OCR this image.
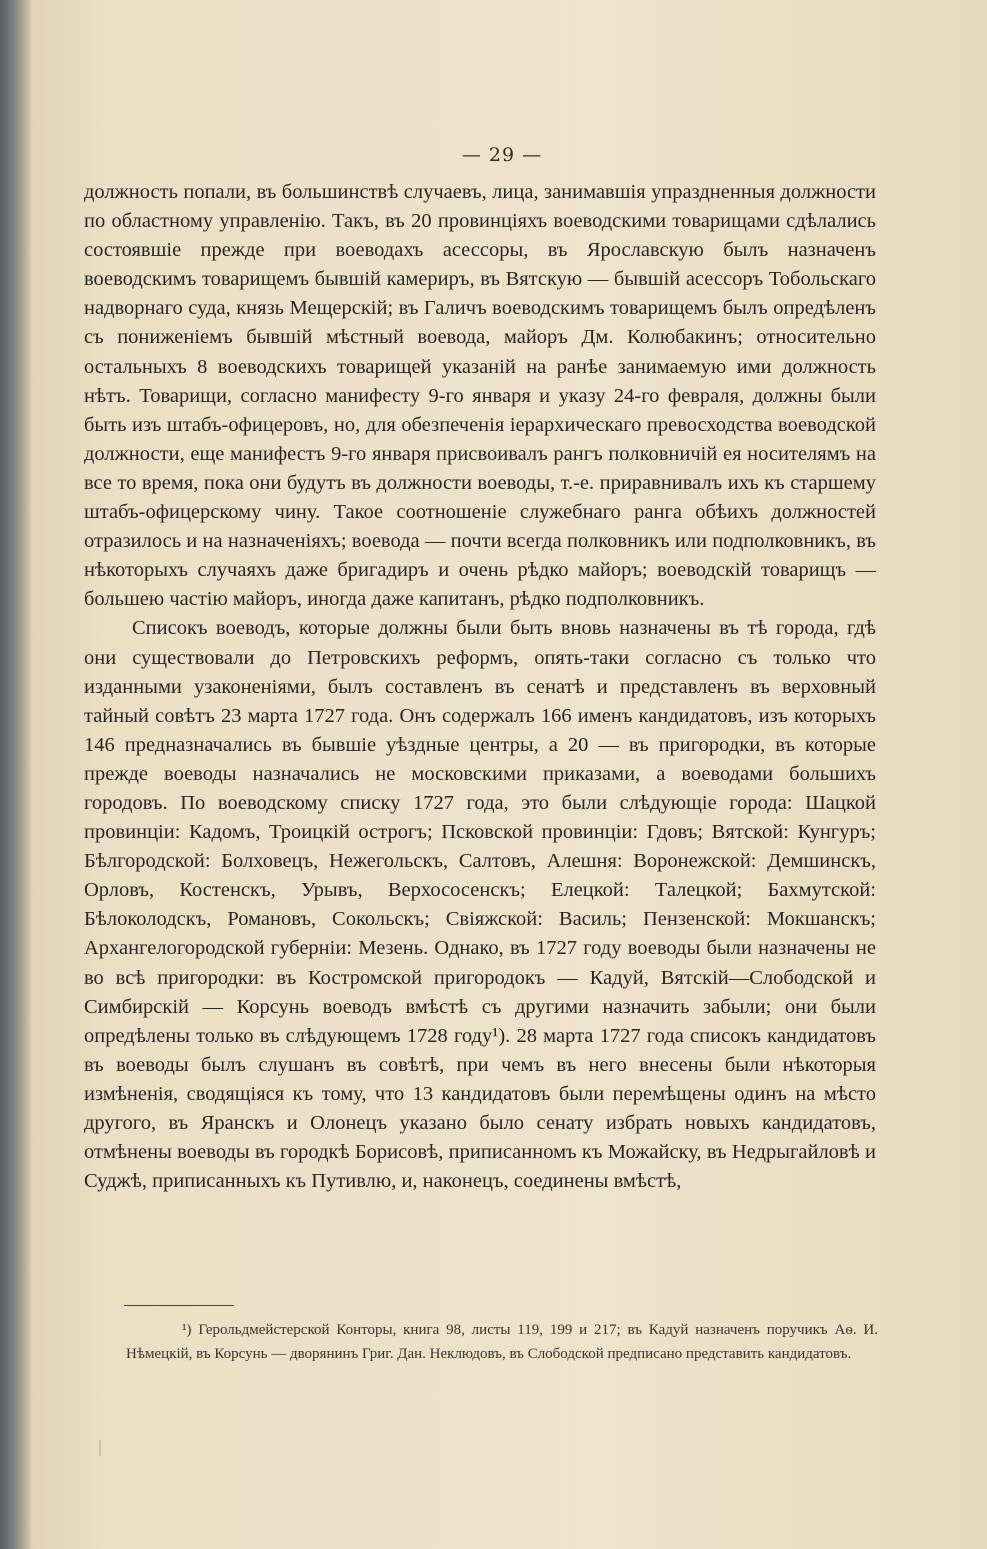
— 29 —

должность попали, въ большинствѣ случаевъ, лица, занимавшія упраздненныя должности по областному управленію. Такъ, въ 20 провинціяхъ воеводскими товарищами сдѣлались состоявшіе прежде при воеводахъ асессоры, въ Ярославскую былъ назначенъ воеводскимъ товарищемъ бывшій камериръ, въ Вятскую — бывшій асессоръ Тобольскаго надворнаго суда, князь Мещерскій; въ Галичъ воеводскимъ товарищемъ былъ опредѣленъ съ пониженіемъ бывшій мѣстный воевода, майоръ Дм. Колюбакинъ; относительно остальныхъ 8 воеводскихъ товарищей указаній на ранѣе занимаемую ими должность нѣтъ. Товарищи, согласно манифесту 9-го января и указу 24-го февраля, должны были быть изъ штабъ-офицеровъ, но, для обезпеченія іерархическаго превосходства воеводской должности, еще манифестъ 9-го января присвоивалъ рангъ полковничій ея носителямъ на все то время, пока они будутъ въ должности воеводы, т.-е. приравнивалъ ихъ къ старшему штабъ-офицерскому чину. Такое соотношеніе служебнаго ранга обѣихъ должностей отразилось и на назначеніяхъ; воевода — почти всегда полковникъ или подполковникъ, въ нѣкоторыхъ случаяхъ даже бригадиръ и очень рѣдко майоръ; воеводскій товарищъ — большею частію майоръ, иногда даже капитанъ, рѣдко подполковникъ.

Списокъ воеводъ, которые должны были быть вновь назначены въ тѣ города, гдѣ они существовали до Петровскихъ реформъ, опять-таки согласно съ только что изданными узаконеніями, былъ составленъ въ сенатѣ и представленъ въ верховный тайный совѣтъ 23 марта 1727 года. Онъ содержалъ 166 именъ кандидатовъ, изъ которыхъ 146 предназначались въ бывшіе уѣздные центры, а 20 — въ пригородки, въ которые прежде воеводы назначались не московскими приказами, а воеводами большихъ городовъ. По воеводскому списку 1727 года, это были слѣдующіе города: Шацкой провинціи: Кадомъ, Троицкій острогъ; Псковской провинціи: Гдовъ; Вятской: Кунгуръ; Бѣлгородской: Болховецъ, Нежегольскъ, Салтовъ, Алешня: Воронежской: Демшинскъ, Орловъ, Костенскъ, Урывъ, Верхососенскъ; Елецкой: Талецкой; Бахмутской: Бѣлоколодскъ, Романовъ, Сокольскъ; Свіяжской: Василь; Пензенской: Мокшанскъ; Архангелогородской губерніи: Мезень. Однако, въ 1727 году воеводы были назначены не во всѣ пригородки: въ Костромской пригородокъ — Кадуй, Вятскій—Слободской и Симбирскій — Корсунь воеводъ вмѣстѣ съ другими назначить забыли; они были опредѣлены только въ слѣдующемъ 1728 году¹). 28 марта 1727 года списокъ кандидатовъ въ воеводы былъ слушанъ въ совѣтѣ, при чемъ въ него внесены были нѣкоторыя измѣненія, сводящіяся къ тому, что 13 кандидатовъ были перемѣщены одинъ на мѣсто другого, въ Яранскъ и Олонецъ указано было сенату избрать новыхъ кандидатовъ, отмѣнены воеводы въ городкѣ Борисовѣ, приписанномъ къ Можайску, въ Недрыгайловѣ и Суджѣ, приписанныхъ къ Путивлю, и, наконецъ, соединены вмѣстѣ,

¹) Герольдмейстерской Конторы, книга 98, листы 119, 199 и 217; въ Кадуй назначенъ поручикъ Аѳ. И. Нѣмецкій, въ Корсунь — дворянинъ Григ. Дан. Неклюдовъ, въ Слободской предписано представить кандидатовъ.
